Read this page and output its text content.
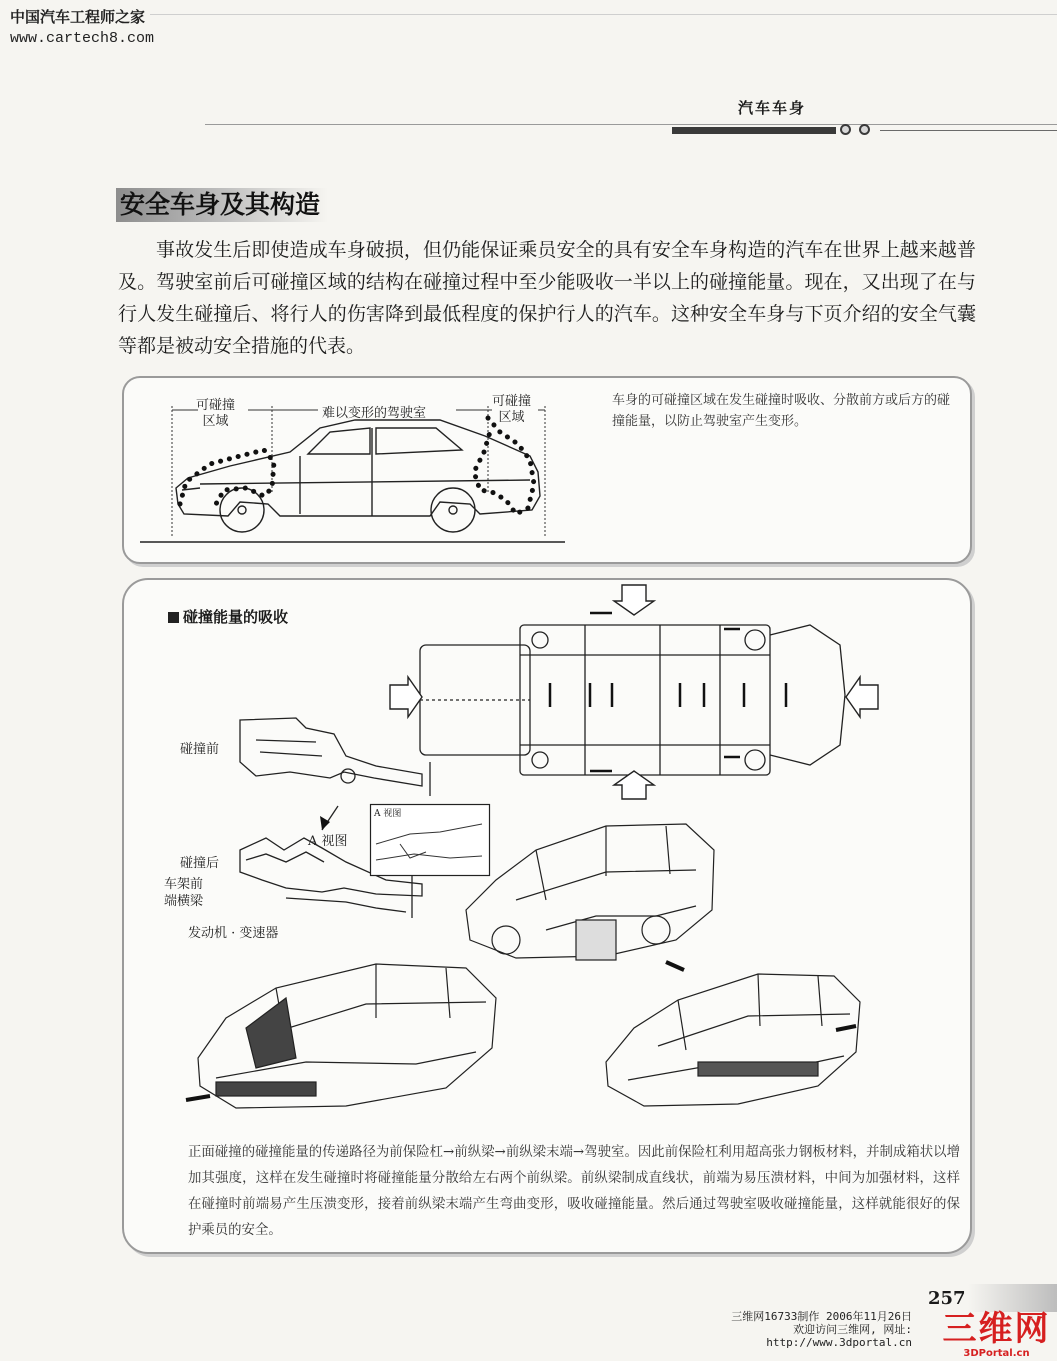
中国汽车工程师之家
www.cartech8.com
汽车车身
安全车身及其构造
事故发生后即使造成车身破损，但仍能保证乘员安全的具有安全车身构造的汽车在世界上越来越普及。驾驶室前后可碰撞区域的结构在碰撞过程中至少能吸收一半以上的碰撞能量。现在，又出现了在与行人发生碰撞后、将行人的伤害降到最低程度的保护行人的汽车。这种安全车身与下页介绍的安全气囊等都是被动安全措施的代表。
可碰撞
区域
难以变形的驾驶室
可碰撞
区域
车身的可碰撞区域在发生碰撞时吸收、分散前方或后方的碰撞能量，以防止驾驶室产生变形。
碰撞能量的吸收
碰撞前
A 视图
碰撞后
车架前
端横梁
发动机 · 变速器
A 视图
正面碰撞的碰撞能量的传递路径为前保险杠→前纵梁→前纵梁末端→驾驶室。因此前保险杠利用超高张力钢板材料，并制成箱状以增加其强度，这样在发生碰撞时将碰撞能量分散给左右两个前纵梁。前纵梁制成直线状，前端为易压溃材料，中间为加强材料，这样在碰撞时前端易产生压溃变形，接着前纵梁末端产生弯曲变形，吸收碰撞能量。然后通过驾驶室吸收碰撞能量，这样就能很好的保护乘员的安全。
257
三维网16733制作 2006年11月26日
欢迎访问三维网, 网址:
http://www.3dportal.cn 三维网
3DPortal.cn
